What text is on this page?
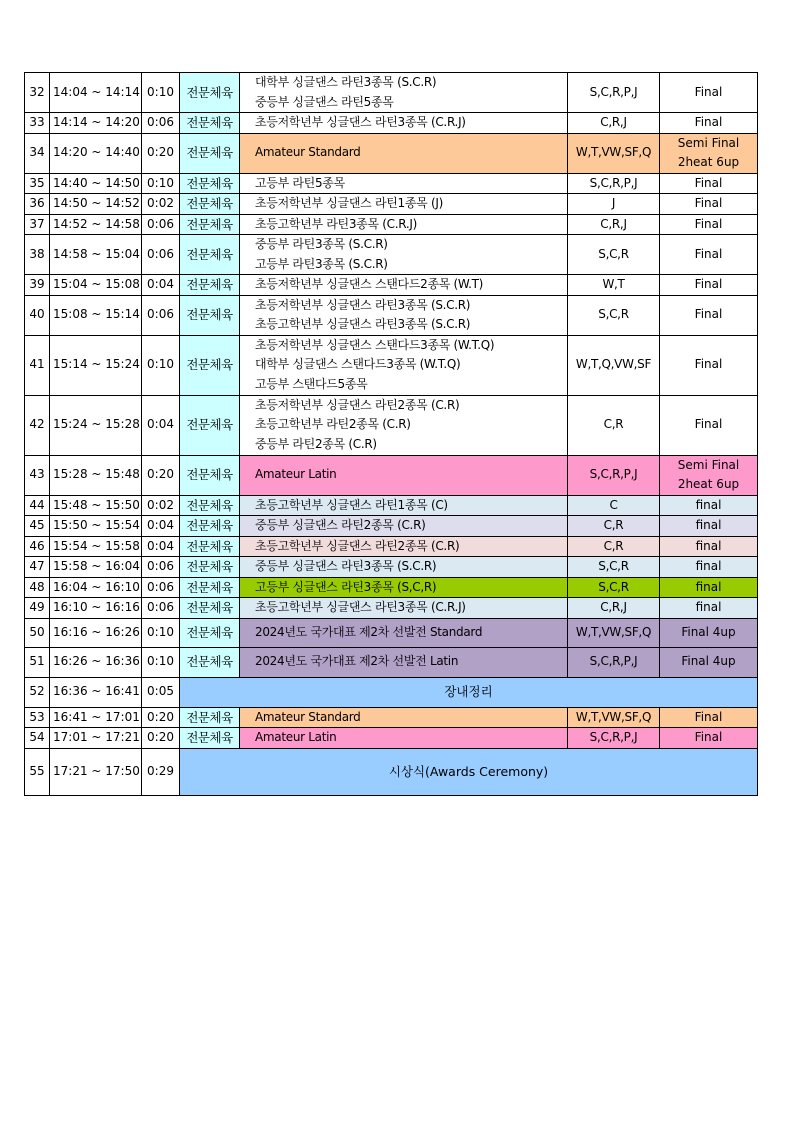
32	14:04 ~ 14:14	0:10	전문체육	대학부 싱글댄스 라틴3종목 (S.C.R)
중등부 싱글댄스 라틴5종목	S,C,R,P,J	Final

33	14:14 ~ 14:20	0:06	전문체육	초등저학년부 싱글댄스 라틴3종목 (C.R.J)	C,R,J	Final

34	14:20 ~ 14:40	0:20	전문체육	Amateur Standard	W,T,VW,SF,Q	Semi Final
2heat 6up

35	14:40 ~ 14:50	0:10	전문체육	고등부 라틴5종목	S,C,R,P,J	Final

36	14:50 ~ 14:52	0:02	전문체육	초등저학년부 싱글댄스 라틴1종목 (J)	J	Final

37	14:52 ~ 14:58	0:06	전문체육	초등고학년부 라틴3종목 (C.R.J)	C,R,J	Final

38	14:58 ~ 15:04	0:06	전문체육	중등부 라틴3종목 (S.C.R)
고등부 라틴3종목 (S.C.R)	S,C,R	Final

39	15:04 ~ 15:08	0:04	전문체육	초등저학년부 싱글댄스 스탠다드2종목 (W.T)	W,T	Final

40	15:08 ~ 15:14	0:06	전문체육	초등저학년부 싱글댄스 라틴3종목 (S.C.R)
초등고학년부 싱글댄스 라틴3종목 (S.C.R)	S,C,R	Final

41	15:14 ~ 15:24	0:10	전문체육	초등저학년부 싱글댄스 스탠다드3종목 (W.T.Q)
대학부 싱글댄스 스탠다드3종목 (W.T.Q)
고등부 스탠다드5종목	W,T,Q,VW,SF	Final

42	15:24 ~ 15:28	0:04	전문체육	초등저학년부 싱글댄스 라틴2종목 (C.R)
초등고학년부 라틴2종목 (C.R)
중등부 라틴2종목 (C.R)	C,R	Final

43	15:28 ~ 15:48	0:20	전문체육	Amateur Latin	S,C,R,P,J	Semi Final
2heat 6up

44	15:48 ~ 15:50	0:02	전문체육	초등고학년부 싱글댄스 라틴1종목 (C)	C	final

45	15:50 ~ 15:54	0:04	전문체육	중등부 싱글댄스 라틴2종목 (C.R)	C,R	final

46	15:54 ~ 15:58	0:04	전문체육	초등고학년부 싱글댄스 라틴2종목 (C.R)	C,R	final

47	15:58 ~ 16:04	0:06	전문체육	중등부 싱글댄스 라틴3종목 (S.C.R)	S,C,R	final

48	16:04 ~ 16:10	0:06	전문체육	고등부 싱글댄스 라틴3종목 (S,C,R)	S,C,R	final

49	16:10 ~ 16:16	0:06	전문체육	초등고학년부 싱글댄스 라틴3종목 (C.R.J)	C,R,J	final

50	16:16 ~ 16:26	0:10	전문체육	2024년도 국가대표 제2차 선발전 Standard	W,T,VW,SF,Q	Final 4up

51	16:26 ~ 16:36	0:10	전문체육	2024년도 국가대표 제2차 선발전 Latin	S,C,R,P,J	Final 4up

52	16:36 ~ 16:41	0:05	장내정리			
53	16:41 ~ 17:01	0:20	전문체육	Amateur Standard	W,T,VW,SF,Q	Final

54	17:01 ~ 17:21	0:20	전문체육	Amateur Latin	S,C,R,P,J	Final

55	17:21 ~ 17:50	0:29	시상식(Awards Ceremony)			
